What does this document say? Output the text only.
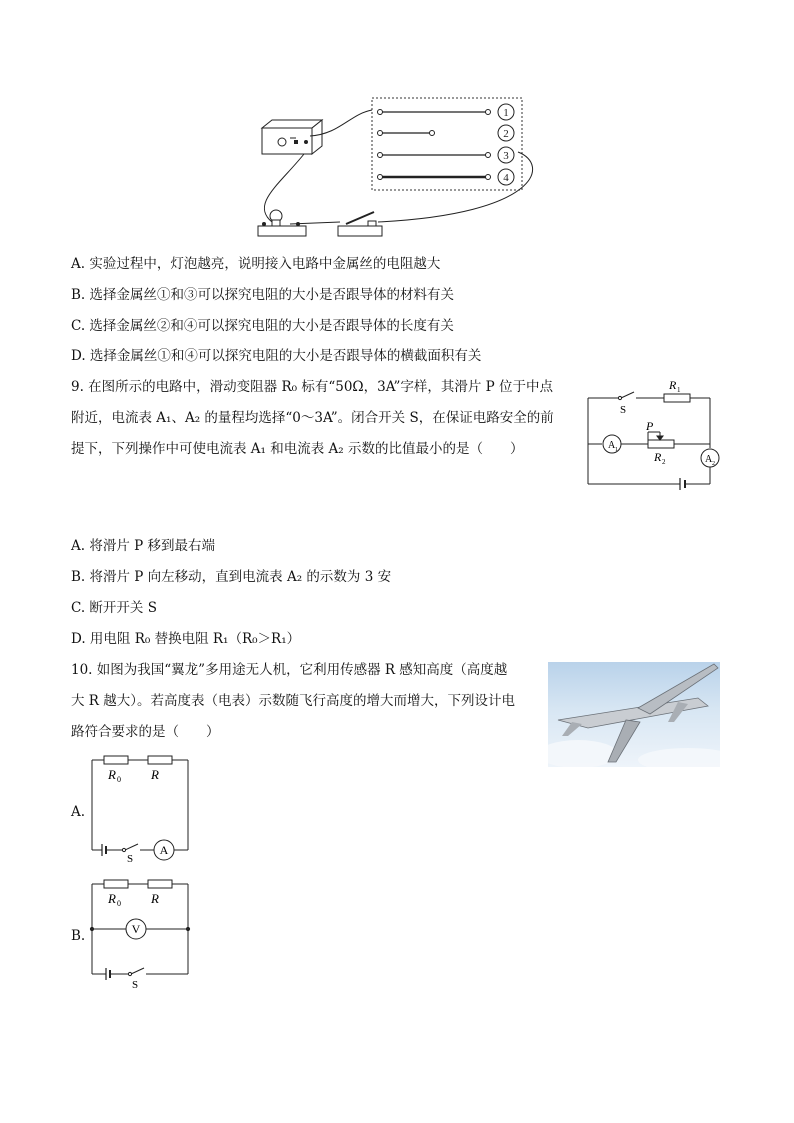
1
2
3
4
A. 实验过程中，灯泡越亮，说明接入电路中金属丝的电阻越大
B. 选择金属丝①和③可以探究电阻的大小是否跟导体的材料有关
C. 选择金属丝②和④可以探究电阻的大小是否跟导体的长度有关
D. 选择金属丝①和④可以探究电阻的大小是否跟导体的横截面积有关
9. 在图所示的电路中，滑动变阻器 R₀ 标有“50Ω，3A”字样，其滑片 P 位于中点
附近，电流表 A₁、A₂ 的量程均选择“0～3A”。闭合开关 S，在保证电路安全的前
提下，下列操作中可使电流表 A₁ 和电流表 A₂ 示数的比值最小的是（　　）
R 1
S
P
R 2
A 1
A 2
A. 将滑片 P 移到最右端
B. 将滑片 P 向左移动，直到电流表 A₂ 的示数为 3 安
C. 断开开关 S
D. 用电阻 R₀ 替换电阻 R₁（R₀＞R₁）
10. 如图为我国“翼龙”多用途无人机，它利用传感器 R 感知高度（高度越
大 R 越大）。若高度表（电表）示数随飞行高度的增大而增大，下列设计电
路符合要求的是（　　）
A.
R 0 R
S
A
B.
R 0 R
S
V
